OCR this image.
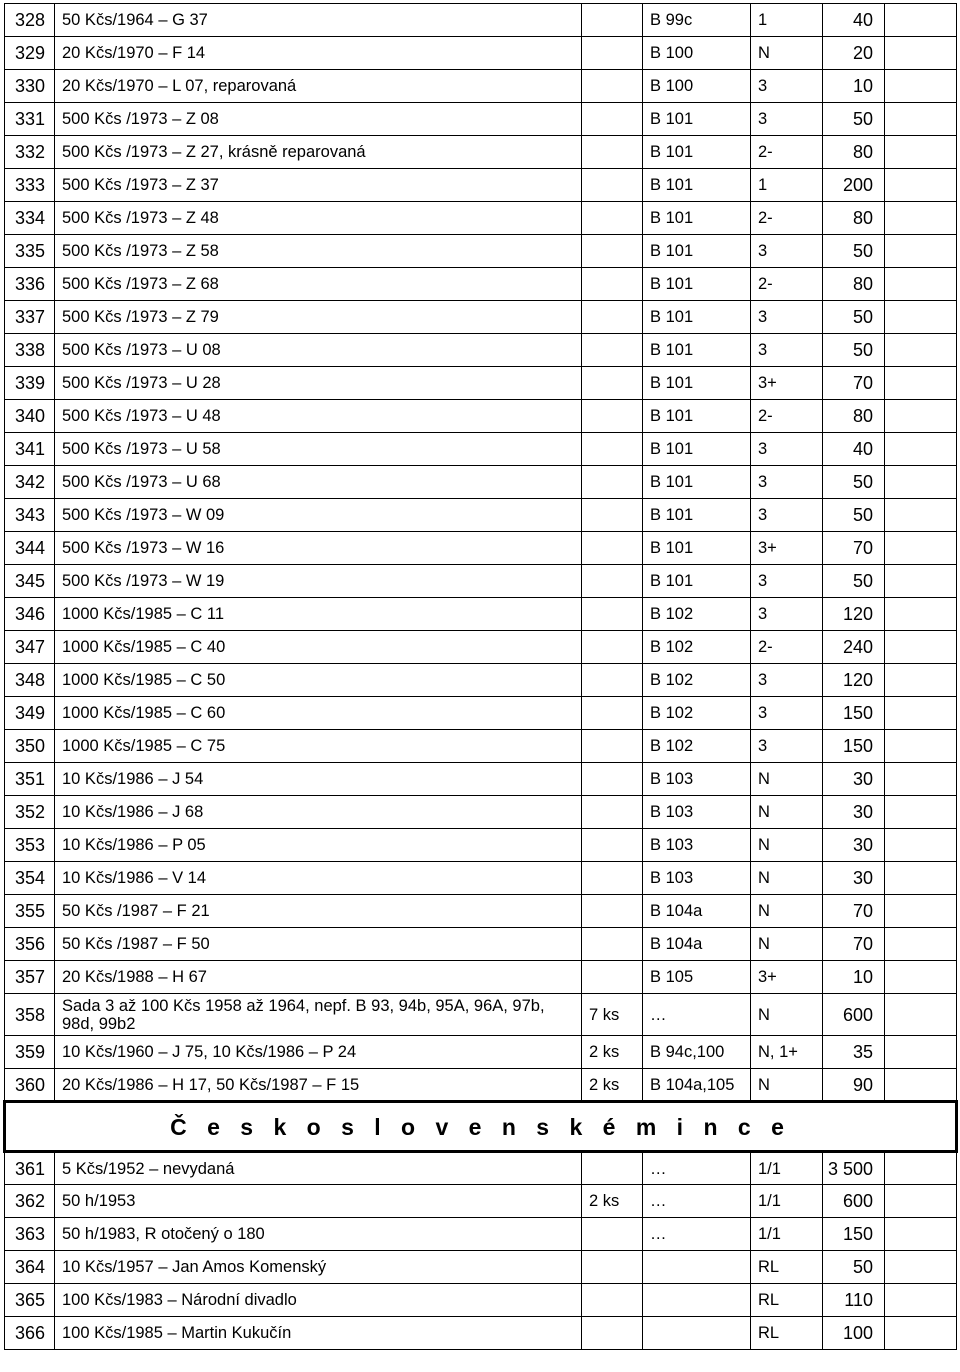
328	50 Kčs/1964 – G 37		B 99c	1	40	
329	20 Kčs/1970 – F 14		B 100	N	20	
330	20 Kčs/1970 – L 07, reparovaná		B 100	3	10	
331	500 Kčs /1973 – Z 08		B 101	3	50	
332	500 Kčs /1973 – Z 27, krásně reparovaná		B 101	2-	80	
333	500 Kčs /1973 – Z 37		B 101	1	200	
334	500 Kčs /1973 – Z 48		B 101	2-	80	
335	500 Kčs /1973 – Z 58		B 101	3	50	
336	500 Kčs /1973 – Z 68		B 101	2-	80	
337	500 Kčs /1973 – Z 79		B 101	3	50	
338	500 Kčs /1973 – U 08		B 101	3	50	
339	500 Kčs /1973 – U 28		B 101	3+	70	
340	500 Kčs /1973 – U 48		B 101	2-	80	
341	500 Kčs /1973 – U 58		B 101	3	40	
342	500 Kčs /1973 – U 68		B 101	3	50	
343	500 Kčs /1973 – W 09		B 101	3	50	
344	500 Kčs /1973 – W 16		B 101	3+	70	
345	500 Kčs /1973 – W 19		B 101	3	50	
346	1000 Kčs/1985 – C 11		B 102	3	120	
347	1000 Kčs/1985 – C 40		B 102	2-	240	
348	1000 Kčs/1985 – C 50		B 102	3	120	
349	1000 Kčs/1985 – C 60		B 102	3	150	
350	1000 Kčs/1985 – C 75		B 102	3	150	
351	10 Kčs/1986 – J 54		B 103	N	30	
352	10 Kčs/1986 – J 68		B 103	N	30	
353	10 Kčs/1986 – P 05		B 103	N	30	
354	10 Kčs/1986 – V 14		B 103	N	30	
355	50 Kčs /1987 – F 21		B 104a	N	70	
356	50 Kčs /1987 – F 50		B 104a	N	70	
357	20 Kčs/1988 – H 67		B 105	3+	10	
358	Sada 3 až 100 Kčs 1958 až 1964, nepf. B 93, 94b, 95A, 96A, 97b, 98d, 99b2	7 ks	…	N	600	
359	10 Kčs/1960 – J 75, 10 Kčs/1986 – P 24	2 ks	B 94c,100	N, 1+	35	
360	20 Kčs/1986 – H 17, 50 Kčs/1987 – F 15	2 ks	B 104a,105	N	90	
Č e s k o s l o v e n s k é m i n c e						
361	5 Kčs/1952 – nevydaná		…	1/1	3 500	
362	50 h/1953	2 ks	…	1/1	600	
363	50 h/1983, R otočený o 180		…	1/1	150	
364	10 Kčs/1957 – Jan Amos Komenský			RL	50	
365	100 Kčs/1983 – Národní divadlo			RL	110	
366	100 Kčs/1985 – Martin Kukučín			RL	100	
